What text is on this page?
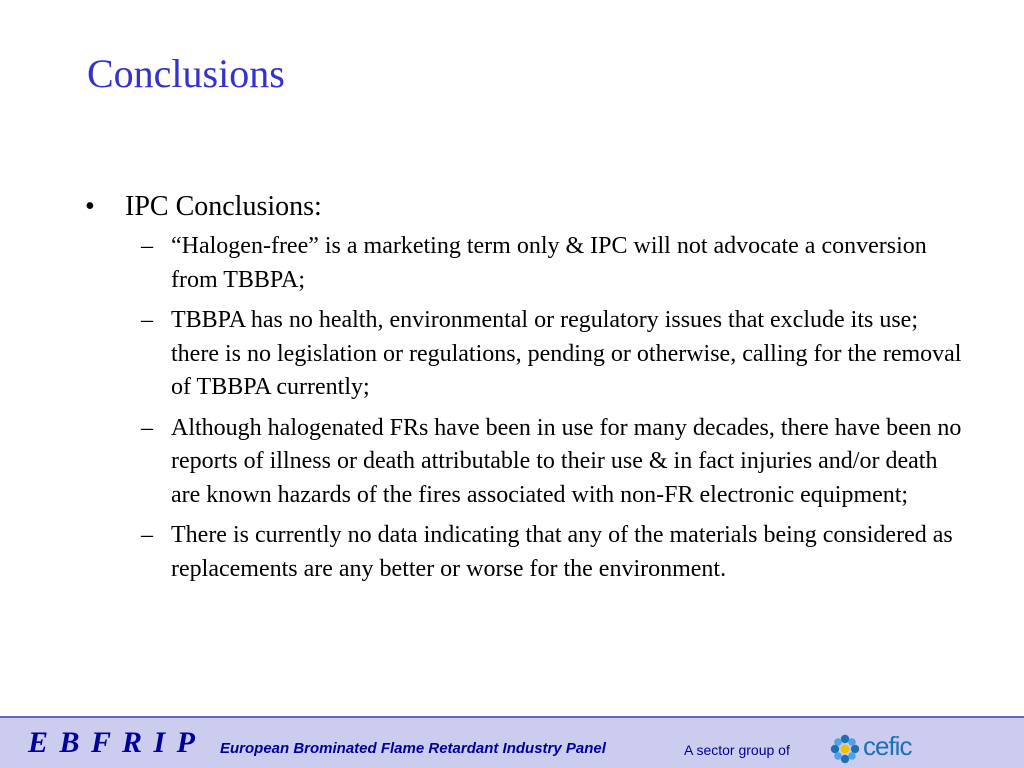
Conclusions
•	IPC Conclusions:
– “Halogen-free” is a marketing term only & IPC will not advocate a conversion from TBBPA;
– TBBPA has no health, environmental or regulatory issues that exclude its use; there is no legislation or regulations, pending or otherwise, calling for the removal of TBBPA currently;
– Although halogenated FRs have been in use for many decades, there have been no reports of illness or death attributable to their use & in fact injuries and/or death are known hazards of the fires associated with non-FR electronic equipment;
– There is currently no data indicating that any of the materials being considered as replacements are any better or worse for the environment.
E B F R I P European Brominated Flame Retardant Industry Panel	A sector group of	cefic
